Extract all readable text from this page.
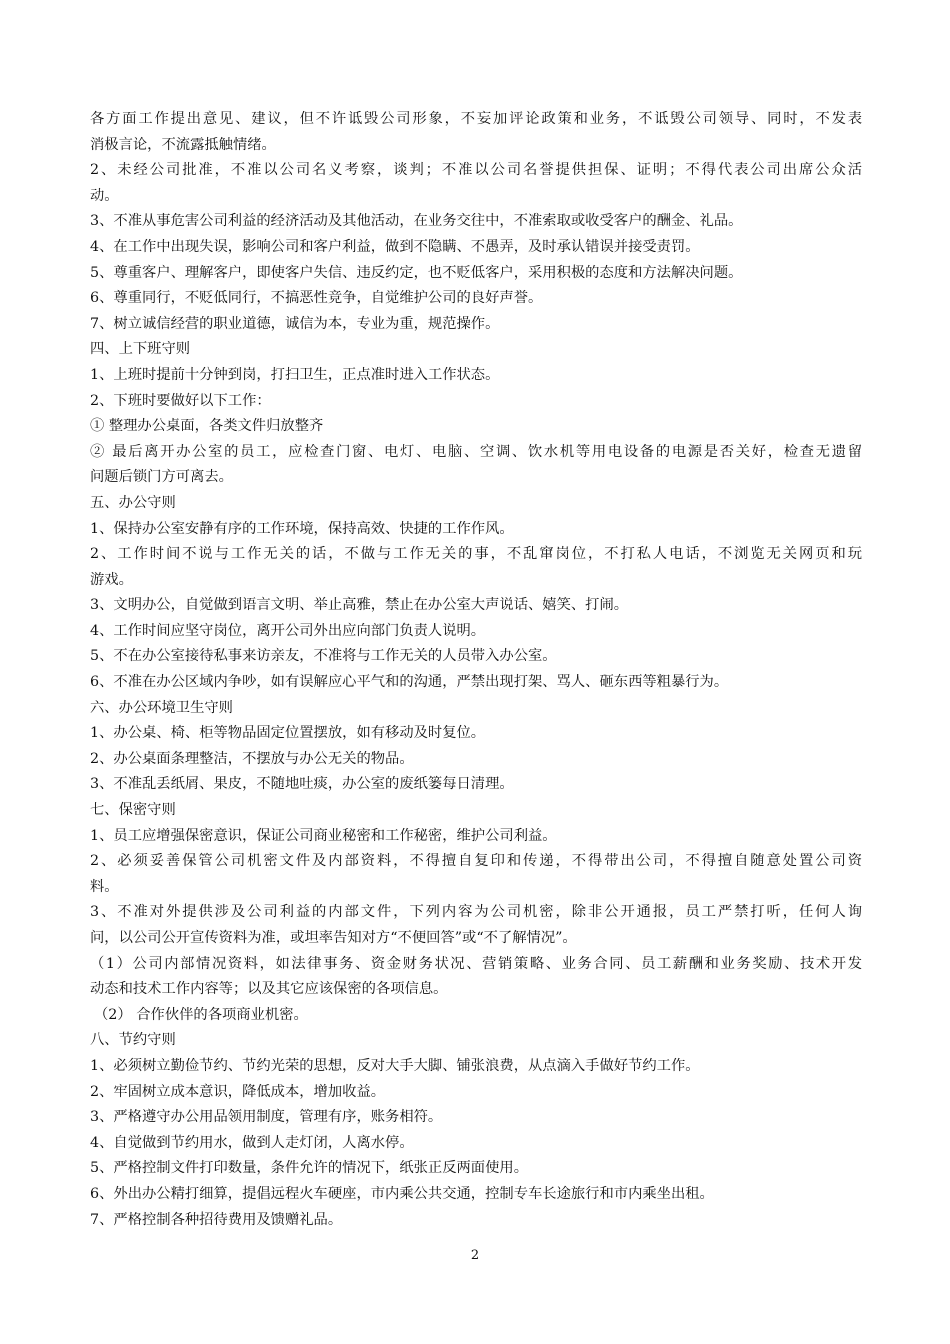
各方面工作提出意见、建议，但不许诋毁公司形象，不妄加评论政策和业务，不诋毁公司领导、同时，不发表

消极言论，不流露抵触情绪。

2、未经公司批准，不准以公司名义考察，谈判；不准以公司名誉提供担保、证明；不得代表公司出席公众活

动。

3、不准从事危害公司利益的经济活动及其他活动，在业务交往中，不准索取或收受客户的酬金、礼品。

4、在工作中出现失误，影响公司和客户利益，做到不隐瞒、不愚弄，及时承认错误并接受责罚。

5、尊重客户、理解客户，即使客户失信、违反约定，也不贬低客户，采用积极的态度和方法解决问题。

6、尊重同行，不贬低同行，不搞恶性竞争，自觉维护公司的良好声誉。

7、树立诚信经营的职业道德，诚信为本，专业为重，规范操作。

四、上下班守则

1、上班时提前十分钟到岗，打扫卫生，正点准时进入工作状态。

2、下班时要做好以下工作：

① 整理办公桌面，各类文件归放整齐

② 最后离开办公室的员工，应检查门窗、电灯、电脑、空调、饮水机等用电设备的电源是否关好，检查无遗留

问题后锁门方可离去。

五、办公守则

1、保持办公室安静有序的工作环境，保持高效、快捷的工作作风。

2、工作时间不说与工作无关的话，不做与工作无关的事，不乱窜岗位，不打私人电话，不浏览无关网页和玩

游戏。

3、文明办公，自觉做到语言文明、举止高雅，禁止在办公室大声说话、嬉笑、打闹。

4、工作时间应坚守岗位，离开公司外出应向部门负责人说明。

5、不在办公室接待私事来访亲友，不准将与工作无关的人员带入办公室。

6、不准在办公区域内争吵，如有误解应心平气和的沟通，严禁出现打架、骂人、砸东西等粗暴行为。

六、办公环境卫生守则

1、办公桌、椅、柜等物品固定位置摆放，如有移动及时复位。

2、办公桌面条理整洁，不摆放与办公无关的物品。

3、不准乱丢纸屑、果皮，不随地吐痰，办公室的废纸篓每日清理。

七、保密守则

1、员工应增强保密意识，保证公司商业秘密和工作秘密，维护公司利益。

2、必须妥善保管公司机密文件及内部资料，不得擅自复印和传递，不得带出公司，不得擅自随意处置公司资

料。

3、不准对外提供涉及公司利益的内部文件，下列内容为公司机密，除非公开通报，员工严禁打听，任何人询

问，以公司公开宣传资料为准，或坦率告知对方“不便回答”或“不了解情况”。

（1）公司内部情况资料，如法律事务、资金财务状况、营销策略、业务合同、员工薪酬和业务奖励、技术开发

动态和技术工作内容等；以及其它应该保密的各项信息。

（2） 合作伙伴的各项商业机密。

八、节约守则

1、必须树立勤俭节约、节约光荣的思想，反对大手大脚、铺张浪费，从点滴入手做好节约工作。

2、牢固树立成本意识，降低成本，增加收益。

3、严格遵守办公用品领用制度，管理有序，账务相符。

4、自觉做到节约用水，做到人走灯闭，人离水停。

5、严格控制文件打印数量，条件允许的情况下，纸张正反两面使用。

6、外出办公精打细算，提倡远程火车硬座，市内乘公共交通，控制专车长途旅行和市内乘坐出租。

7、严格控制各种招待费用及馈赠礼品。

2
